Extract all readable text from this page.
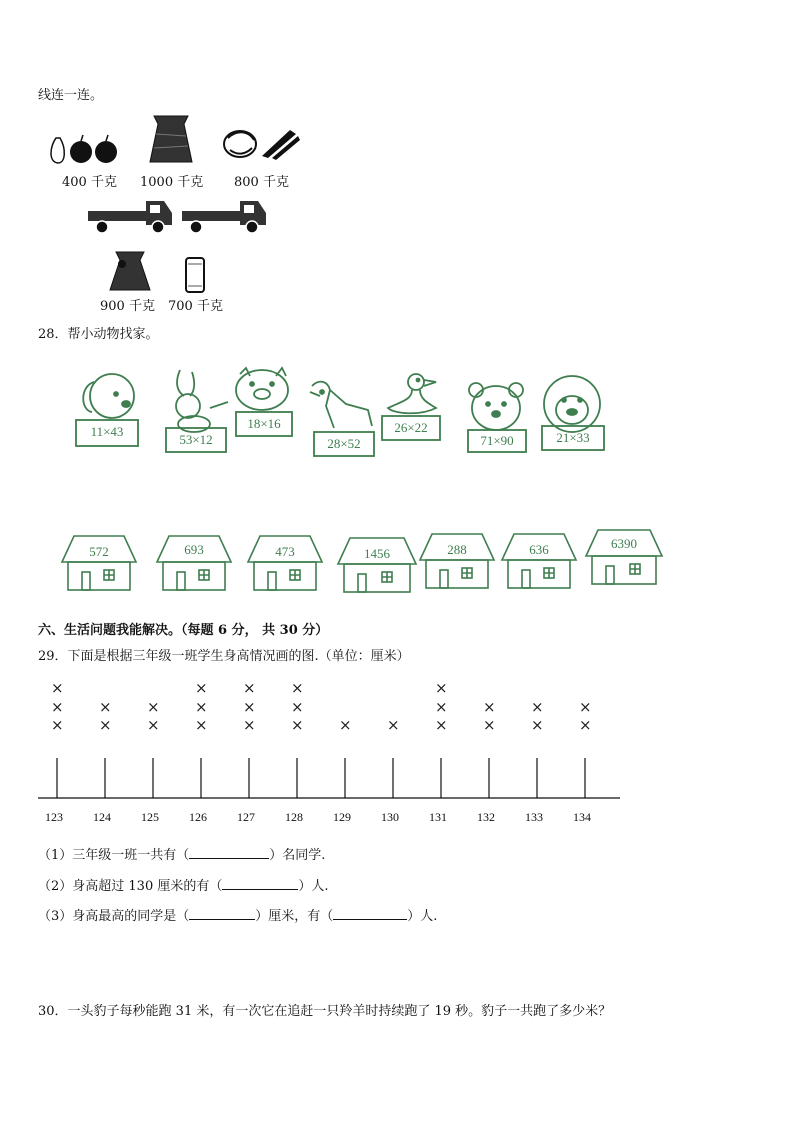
线连一连。
400 千克 1000 千克 800 千克
900 千克 700 千克
28．帮小动物找家。
11×43
53×12
18×16
28×52
26×22
71×90	21×33
572	693	473	1456	288	636	6390
六、生活问题我能解决。（每题 6 分， 共 30 分）
29．下面是根据三年级一班学生身高情况画的图.（单位：厘米）
123
×
×
×
124
×
×
125
×
×
126
×
×
×
127
×
×
×
128
×
×
×
129
×
130
×
131
×
×
×
132
×
×
133
×
×
134
×
×
（1）三年级一班一共有（	）名同学.
（2）身高超过 130 厘米的有（	）人.
（3）身高最高的同学是（	）厘米，有（	）人.
30．一头豹子每秒能跑 31 米，有一次它在追赶一只羚羊时持续跑了 19 秒。豹子一共跑了多少米？
